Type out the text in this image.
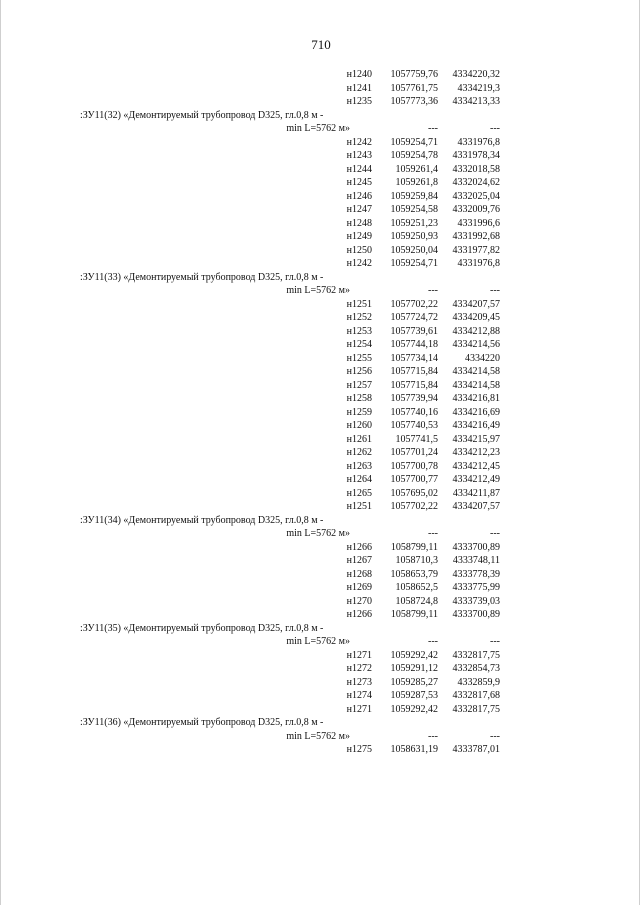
710
н1240	1057759,76	4334220,32
н1241	1057761,75	4334219,3
н1235	1057773,36	4334213,33
:ЗУ11(32) «Демонтируемый трубопровод D325, гл.0,8 м -
min L=5762 м»	---	---
н1242	1059254,71	4331976,8
н1243	1059254,78	4331978,34
н1244	1059261,4	4332018,58
н1245	1059261,8	4332024,62
н1246	1059259,84	4332025,04
н1247	1059254,58	4332009,76
н1248	1059251,23	4331996,6
н1249	1059250,93	4331992,68
н1250	1059250,04	4331977,82
н1242	1059254,71	4331976,8
:ЗУ11(33) «Демонтируемый трубопровод D325, гл.0,8 м -
min L=5762 м»	---	---
н1251	1057702,22	4334207,57
н1252	1057724,72	4334209,45
н1253	1057739,61	4334212,88
н1254	1057744,18	4334214,56
н1255	1057734,14	4334220
н1256	1057715,84	4334214,58
н1257	1057715,84	4334214,58
н1258	1057739,94	4334216,81
н1259	1057740,16	4334216,69
н1260	1057740,53	4334216,49
н1261	1057741,5	4334215,97
н1262	1057701,24	4334212,23
н1263	1057700,78	4334212,45
н1264	1057700,77	4334212,49
н1265	1057695,02	4334211,87
н1251	1057702,22	4334207,57
:ЗУ11(34) «Демонтируемый трубопровод D325, гл.0,8 м -
min L=5762 м»	---	---
н1266	1058799,11	4333700,89
н1267	1058710,3	4333748,11
н1268	1058653,79	4333778,39
н1269	1058652,5	4333775,99
н1270	1058724,8	4333739,03
н1266	1058799,11	4333700,89
:ЗУ11(35) «Демонтируемый трубопровод D325, гл.0,8 м -
min L=5762 м»	---	---
н1271	1059292,42	4332817,75
н1272	1059291,12	4332854,73
н1273	1059285,27	4332859,9
н1274	1059287,53	4332817,68
н1271	1059292,42	4332817,75
:ЗУ11(36) «Демонтируемый трубопровод D325, гл.0,8 м -
min L=5762 м»	---	---
н1275	1058631,19	4333787,01
